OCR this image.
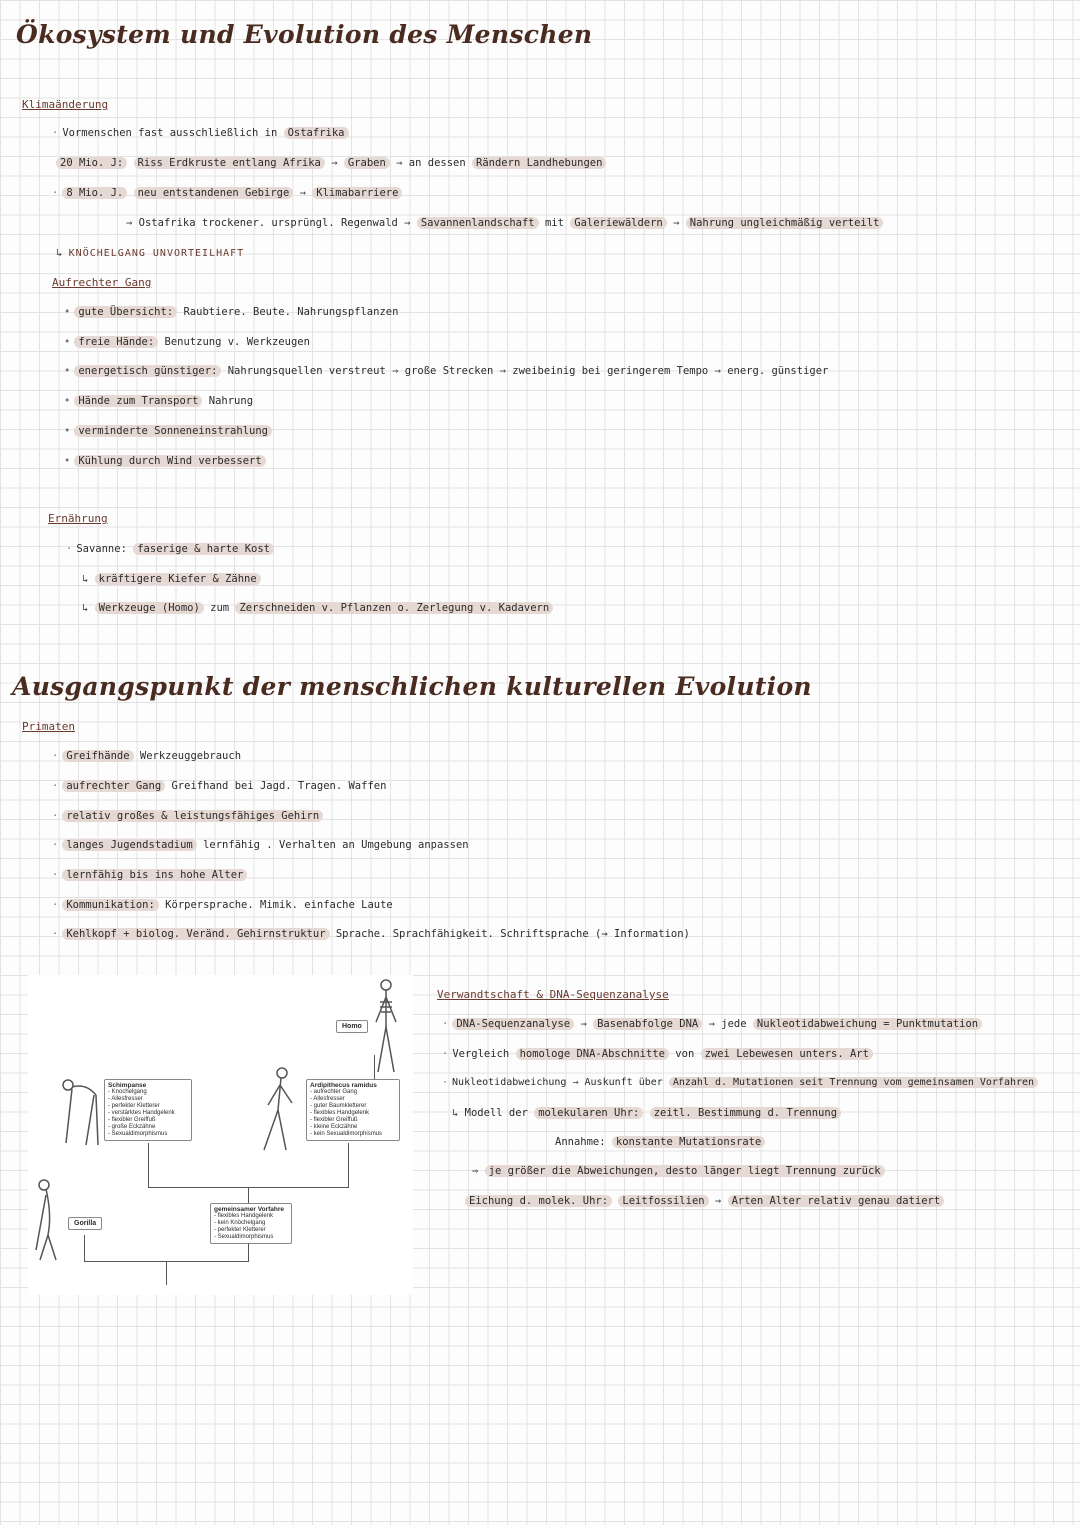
Ökosystem und Evolution des Menschen
Klimaänderung
· Vormenschen fast ausschließlich in Ostafrika
20 Mio. J: Riss Erdkruste entlang Afrika → Graben → an dessen Rändern Landhebungen
· 8 Mio. J. neu entstandenen Gebirge → Klimabarriere
→ Ostafrika trockener. ursprüngl. Regenwald → Savannenlandschaft mit Galeriewäldern → Nahrung ungleichmäßig verteilt
↳ KNÖCHELGANG UNVORTEILHAFT
Aufrechter Gang
• gute Übersicht: Raubtiere. Beute. Nahrungspflanzen
• freie Hände: Benutzung v. Werkzeugen
• energetisch günstiger: Nahrungsquellen verstreut → große Strecken → zweibeinig bei geringerem Tempo → energ. günstiger
• Hände zum Transport Nahrung
• verminderte Sonneneinstrahlung
• Kühlung durch Wind verbessert
Ernährung
· Savanne: faserige & harte Kost
↳ kräftigere Kiefer & Zähne
↳ Werkzeuge (Homo) zum Zerschneiden v. Pflanzen o. Zerlegung v. Kadavern
Ausgangspunkt der menschlichen kulturellen Evolution
Primaten
· Greifhände Werkzeuggebrauch
· aufrechter Gang Greifhand bei Jagd. Tragen. Waffen
· relativ großes & leistungsfähiges Gehirn
· langes Jugendstadium lernfähig . Verhalten an Umgebung anpassen
· lernfähig bis ins hohe Alter
· Kommunikation: Körpersprache. Mimik. einfache Laute
· Kehlkopf + biolog. Veränd. Gehirnstruktur Sprache. Sprachfähigkeit. Schriftsprache (→ Information)
Homo
Gorilla
Schimpanse
- Knochelgang
- Allesfresser
- perfekter Kletterer
- verstärktes Handgelenk
- flexibler Greiffuß
- große Eckzähne
- Sexualdimorphismus
Ardipithecus ramidus
- aufrechter Gang
- Allesfresser
- guter Baumkletterer
- flexibles Handgelenk
- flexibler Greiffuß
- kleine Eckzähne
- kein Sexualdimorphismus
gemeinsamer Vorfahre
- flexibles Handgelenk
- kein Knöchelgang
- perfekter Kletterer
- Sexualdimorphismus
Verwandtschaft & DNA-Sequenzanalyse
· DNA-Sequenzanalyse → Basenabfolge DNA → jede Nukleotidabweichung = Punktmutation
· Vergleich homologe DNA-Abschnitte von zwei Lebewesen unters. Art
· Nukleotidabweichung → Auskunft über Anzahl d. Mutationen seit Trennung vom gemeinsamen Vorfahren
↳ Modell der molekularen Uhr: zeitl. Bestimmung d. Trennung
Annahme: konstante Mutationsrate
⇒ je größer die Abweichungen, desto länger liegt Trennung zurück
Eichung d. molek. Uhr: Leitfossilien → Arten Alter relativ genau datiert
